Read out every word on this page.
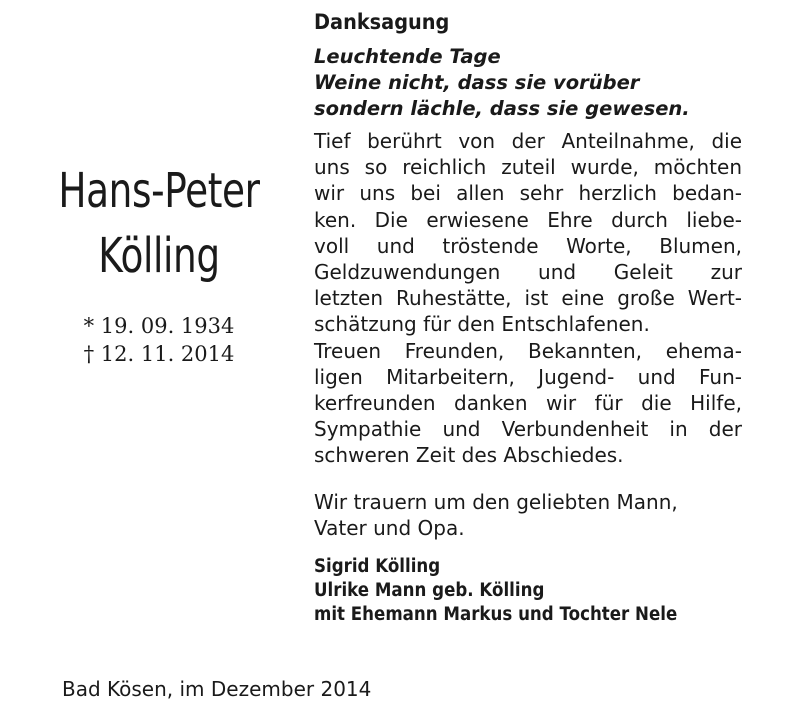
Hans-Peter
Kölling
* 19. 09. 1934
† 12. 11. 2014
Danksagung
Leuchtende Tage
Weine nicht, dass sie vorüber
sondern lächle, dass sie gewesen.
Tief berührt von der Anteilnahme, die
uns so reichlich zuteil wurde, möchten
wir uns bei allen sehr herzlich bedan-
ken. Die erwiesene Ehre durch liebe-
voll und tröstende Worte, Blumen,
Geldzuwendungen und Geleit zur
letzten Ruhestätte, ist eine große Wert-
schätzung für den Entschlafenen.
Treuen Freunden, Bekannten, ehema-
ligen Mitarbeitern, Jugend- und Fun-
kerfreunden danken wir für die Hilfe,
Sympathie und Verbundenheit in der
schweren Zeit des Abschiedes.
Wir trauern um den geliebten Mann,
Vater und Opa.
Sigrid Kölling
Ulrike Mann geb. Kölling
mit Ehemann Markus und Tochter Nele
Bad Kösen, im Dezember 2014
